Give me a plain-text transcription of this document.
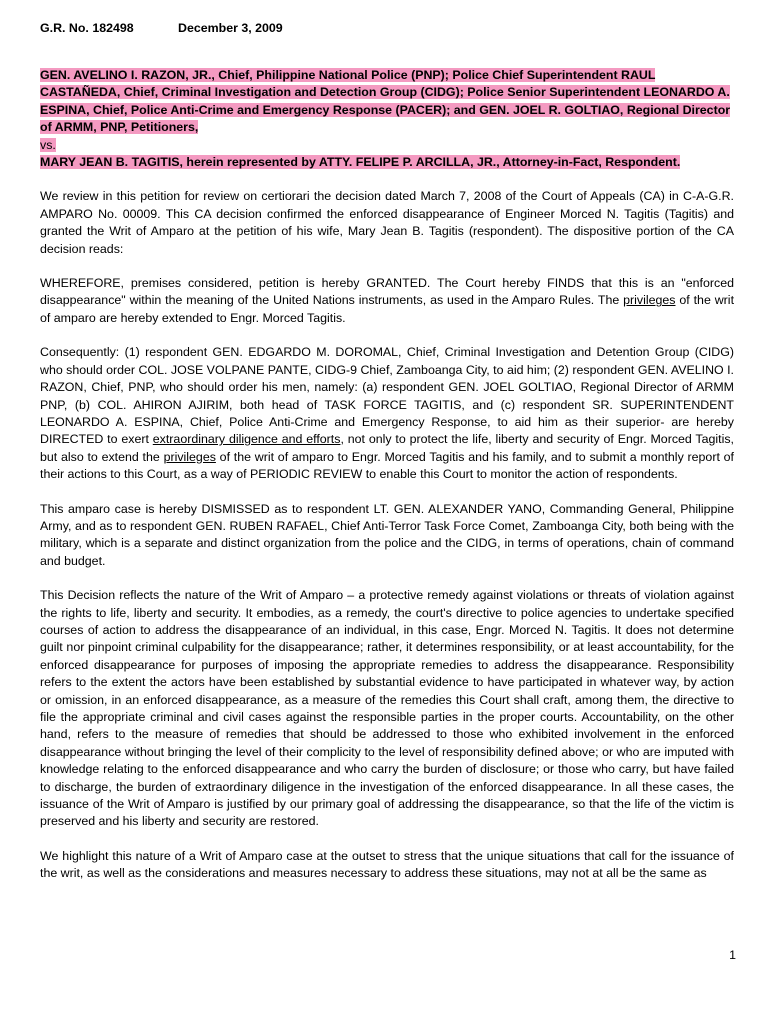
G.R. No. 182498	December 3, 2009
GEN. AVELINO I. RAZON, JR., Chief, Philippine National Police (PNP); Police Chief Superintendent RAUL CASTAÑEDA, Chief, Criminal Investigation and Detection Group (CIDG); Police Senior Superintendent LEONARDO A. ESPINA, Chief, Police Anti-Crime and Emergency Response (PACER); and GEN. JOEL R. GOLTIAO, Regional Director of ARMM, PNP, Petitioners,
vs.
MARY JEAN B. TAGITIS, herein represented by ATTY. FELIPE P. ARCILLA, JR., Attorney-in-Fact, Respondent.

We review in this petition for review on certiorari the decision dated March 7, 2008 of the Court of Appeals (CA) in C-A-G.R. AMPARO No. 00009. This CA decision confirmed the enforced disappearance of Engineer Morced N. Tagitis (Tagitis) and granted the Writ of Amparo at the petition of his wife, Mary Jean B. Tagitis (respondent). The dispositive portion of the CA decision reads:

WHEREFORE, premises considered, petition is hereby GRANTED. The Court hereby FINDS that this is an "enforced disappearance" within the meaning of the United Nations instruments, as used in the Amparo Rules. The privileges of the writ of amparo are hereby extended to Engr. Morced Tagitis.

Consequently: (1) respondent GEN. EDGARDO M. DOROMAL, Chief, Criminal Investigation and Detention Group (CIDG) who should order COL. JOSE VOLPANE PANTE, CIDG-9 Chief, Zamboanga City, to aid him; (2) respondent GEN. AVELINO I. RAZON, Chief, PNP, who should order his men, namely: (a) respondent GEN. JOEL GOLTIAO, Regional Director of ARMM PNP, (b) COL. AHIRON AJIRIM, both head of TASK FORCE TAGITIS, and (c) respondent SR. SUPERINTENDENT LEONARDO A. ESPINA, Chief, Police Anti-Crime and Emergency Response, to aid him as their superior- are hereby DIRECTED to exert extraordinary diligence and efforts, not only to protect the life, liberty and security of Engr. Morced Tagitis, but also to extend the privileges of the writ of amparo to Engr. Morced Tagitis and his family, and to submit a monthly report of their actions to this Court, as a way of PERIODIC REVIEW to enable this Court to monitor the action of respondents.

This amparo case is hereby DISMISSED as to respondent LT. GEN. ALEXANDER YANO, Commanding General, Philippine Army, and as to respondent GEN. RUBEN RAFAEL, Chief Anti-Terror Task Force Comet, Zamboanga City, both being with the military, which is a separate and distinct organization from the police and the CIDG, in terms of operations, chain of command and budget.

This Decision reflects the nature of the Writ of Amparo – a protective remedy against violations or threats of violation against the rights to life, liberty and security. It embodies, as a remedy, the court's directive to police agencies to undertake specified courses of action to address the disappearance of an individual, in this case, Engr. Morced N. Tagitis. It does not determine guilt nor pinpoint criminal culpability for the disappearance; rather, it determines responsibility, or at least accountability, for the enforced disappearance for purposes of imposing the appropriate remedies to address the disappearance. Responsibility refers to the extent the actors have been established by substantial evidence to have participated in whatever way, by action or omission, in an enforced disappearance, as a measure of the remedies this Court shall craft, among them, the directive to file the appropriate criminal and civil cases against the responsible parties in the proper courts. Accountability, on the other hand, refers to the measure of remedies that should be addressed to those who exhibited involvement in the enforced disappearance without bringing the level of their complicity to the level of responsibility defined above; or who are imputed with knowledge relating to the enforced disappearance and who carry the burden of disclosure; or those who carry, but have failed to discharge, the burden of extraordinary diligence in the investigation of the enforced disappearance. In all these cases, the issuance of the Writ of Amparo is justified by our primary goal of addressing the disappearance, so that the life of the victim is preserved and his liberty and security are restored.

We highlight this nature of a Writ of Amparo case at the outset to stress that the unique situations that call for the issuance of the writ, as well as the considerations and measures necessary to address these situations, may not at all be the same as

1
